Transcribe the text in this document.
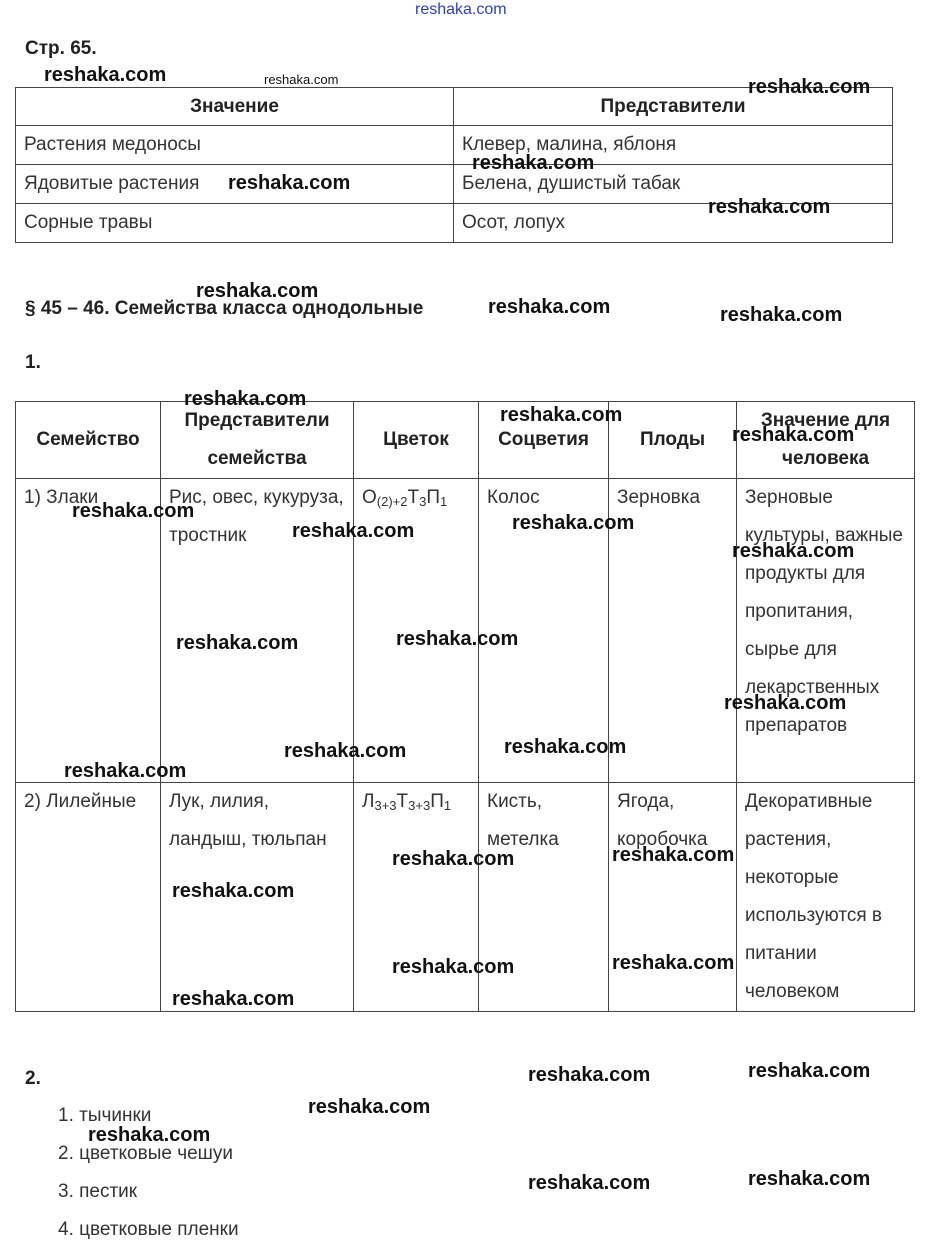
Стр. 65.
Значение	Представители
Растения медоносы	Клевер, малина, яблоня
Ядовитые растения	Белена, душистый табак
Сорные травы	Осот, лопух
§ 45 – 46. Семейства класса однодольные
1.
Семейство	Представители семейства	Цветок	Соцветия	Плоды	Значение для человека
1) Злаки	Рис, овес, кукуруза, тростник	$О_{(2)+2}Т_3П_1$	Колос	Зерновка	Зерновые культуры, важные продукты для пропитания, сырье для лекарственных препаратов
2) Лилейные	Лук, лилия, ландыш, тюльпан	$Л_{3+3}Т_{3+3}П_1$	Кисть, метелка	Ягода, коробочка	Декоративные растения, некоторые используются в питании человеком
2.
1. тычинки
2. цветковые чешуи
3. пестик
4. цветковые пленки
reshaka.com
reshaka.com	reshaka.com	reshaka.com
reshaka.com
reshaka.com
reshaka.com
reshaka.com
reshaka.com	reshaka.com
reshaka.com
reshaka.com
reshaka.com
reshaka.com
reshaka.com	reshaka.com
reshaka.com
reshaka.com	reshaka.com
reshaka.com
reshaka.com	reshaka.com
reshaka.com
reshaka.com	reshaka.com
reshaka.com
reshaka.com	reshaka.com
reshaka.com
reshaka.com	reshaka.com
reshaka.com
reshaka.com
reshaka.com	reshaka.com
